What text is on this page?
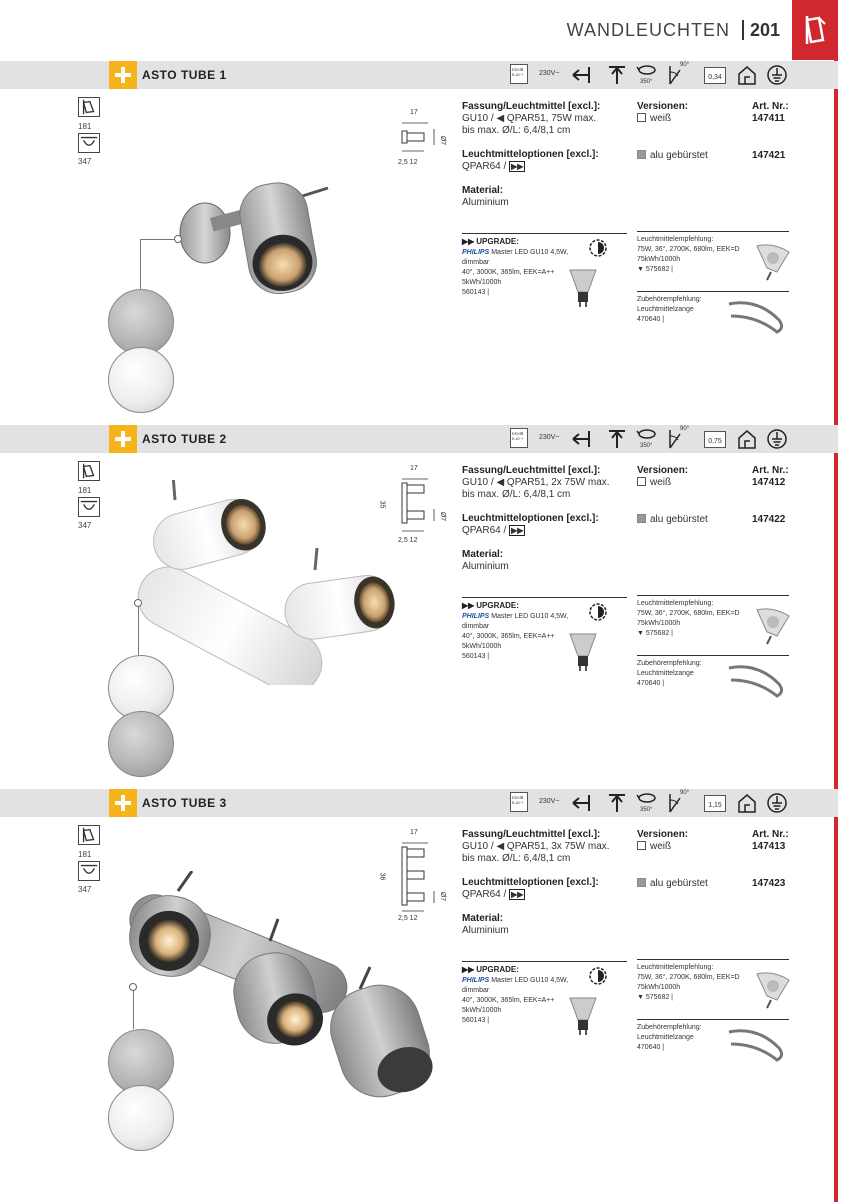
WANDLEUCHTEN 201
ASTO TUBE 1	EEK⊞ E-A++	230V~
350°
90°
0,34
181
347
17
Ø7
2,5 12
Fassung/Leuchtmittel [excl.]:
GU10 / ◀ QPAR51, 75W max.
bis max. Ø/L: 6,4/8,1 cm
Leuchtmitteloptionen [excl.]:
QPAR64 / ▶▶
Material:
Aluminium
Versionen:	Art. Nr.:
weiß	147411
alu gebürstet	147421
▶▶ UPGRADE:
PHILIPS Master LED GU10 4,5W,
dimmbar
40°, 3000K, 365lm, EEK=A++
5kWh/1000h
560143 |
Leuchtmittelempfehlung:
75W, 36°, 2700K, 680lm, EEK=D
75kWh/1000h
▼ 575682 |
Zubehörempfehlung:
Leuchtmittelzange
470640 |
ASTO TUBE 2	EEK⊞ E-A++	230V~
350°
90°
0,75
181
347
17
35
Ø7
2,5 12
Fassung/Leuchtmittel [excl.]:
GU10 / ◀ QPAR51, 2x 75W max.
bis max. Ø/L: 6,4/8,1 cm
Leuchtmitteloptionen [excl.]:
QPAR64 / ▶▶
Material:
Aluminium
Versionen:	Art. Nr.:
weiß	147412
alu gebürstet	147422
▶▶ UPGRADE:
PHILIPS Master LED GU10 4,5W,
dimmbar
40°, 3000K, 365lm, EEK=A++
5kWh/1000h
560143 |
Leuchtmittelempfehlung:
75W, 36°, 2700K, 680lm, EEK=D
75kWh/1000h
▼ 575682 |
Zubehörempfehlung:
Leuchtmittelzange
470640 |
ASTO TUBE 3	EEK⊞ E-A++	230V~
350°
90°
1,15
181
347
17
36
Ø7
2,5 12
Fassung/Leuchtmittel [excl.]:
GU10 / ◀ QPAR51, 3x 75W max.
bis max. Ø/L: 6,4/8,1 cm
Leuchtmitteloptionen [excl.]:
QPAR64 / ▶▶
Material:
Aluminium
Versionen:	Art. Nr.:
weiß	147413
alu gebürstet	147423
▶▶ UPGRADE:
PHILIPS Master LED GU10 4,5W,
dimmbar
40°, 3000K, 365lm, EEK=A++
5kWh/1000h
560143 |
Leuchtmittelempfehlung:
75W, 36°, 2700K, 680lm, EEK=D
75kWh/1000h
▼ 575682 |
Zubehörempfehlung:
Leuchtmittelzange
470640 |
